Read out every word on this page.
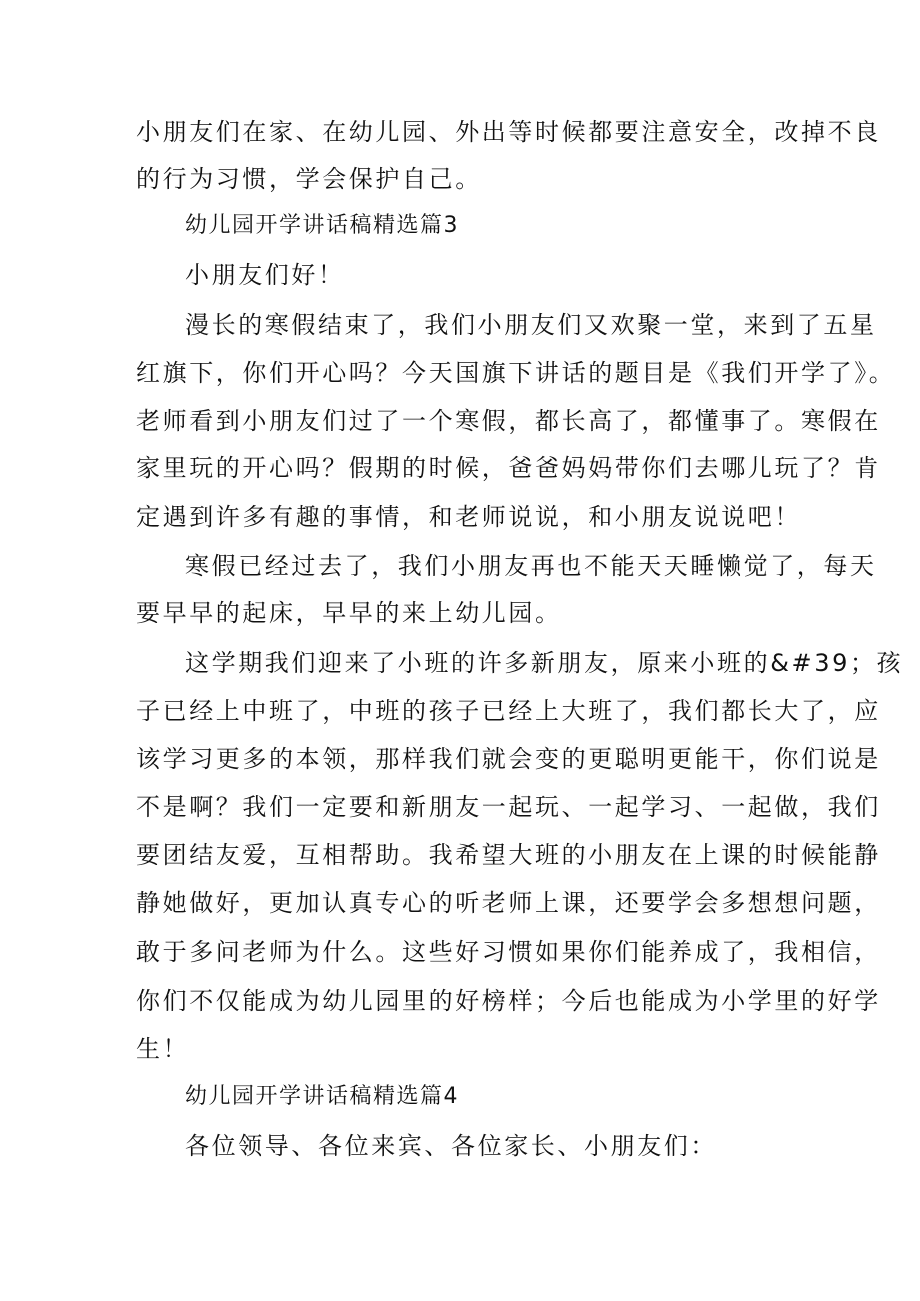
小朋友们在家、在幼儿园、外出等时候都要注意安全，改掉不良
的行为习惯，学会保护自己。
幼儿园开学讲话稿精选篇3
小朋友们好！
漫长的寒假结束了，我们小朋友们又欢聚一堂，来到了五星
红旗下，你们开心吗？今天国旗下讲话的题目是《我们开学了》。
老师看到小朋友们过了一个寒假，都长高了，都懂事了。寒假在
家里玩的开心吗？假期的时候，爸爸妈妈带你们去哪儿玩了？肯
定遇到许多有趣的事情，和老师说说，和小朋友说说吧！
寒假已经过去了，我们小朋友再也不能天天睡懒觉了，每天
要早早的起床，早早的来上幼儿园。
这学期我们迎来了小班的许多新朋友，原来小班的&#39；孩
子已经上中班了，中班的孩子已经上大班了，我们都长大了，应
该学习更多的本领，那样我们就会变的更聪明更能干，你们说是
不是啊？我们一定要和新朋友一起玩、一起学习、一起做，我们
要团结友爱，互相帮助。我希望大班的小朋友在上课的时候能静
静她做好，更加认真专心的听老师上课，还要学会多想想问题，
敢于多问老师为什么。这些好习惯如果你们能养成了，我相信，
你们不仅能成为幼儿园里的好榜样；今后也能成为小学里的好学
生！
幼儿园开学讲话稿精选篇4
各位领导、各位来宾、各位家长、小朋友们：
